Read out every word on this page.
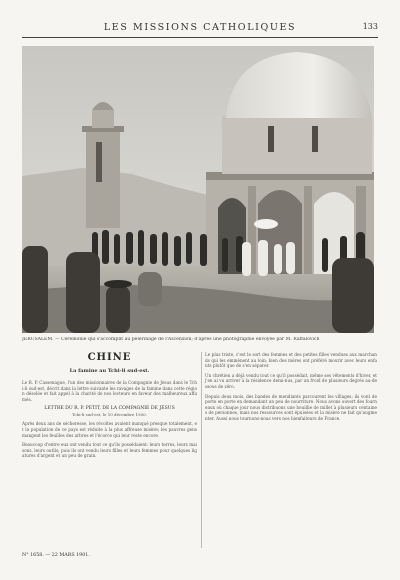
LES MISSIONS CATHOLIQUES	133
JÉRUSALEM. — Cérémonie qui s'accomplit au pèlerinage de l'Ascension; d'après une photographie envoyée par M. Raffalovich
CHINE
La famine au Tchi-li sud-est.

Le R. P. Cassenague, l'un des missionnaires de la Compagnie de Jésus dans le Tchi-li sud-est, décrit dans la lettre suivante les ravages de la famine dans cette région désolée et fait appel à la charité de nos lecteurs en faveur des malheureux affamés.

LETTRE DU R. P. PETIT, DE LA COMPAGNIE DE JÉSUS
Tchi-li sud-est, le 10 décembre 1900.

Après deux ans de sécheresse, les récoltes avaient manqué presque totalement, et la population de ce pays est réduite à la plus affreuse misère; les pauvres gens mangent les feuilles des arbres et l'écorce qui leur reste encore.

Beaucoup d'entre eux ont vendu tout ce qu'ils possédaient: leurs terres, leurs maisons, leurs outils; puis ils ont vendu leurs filles et leurs femmes pour quelques ligatures d'argent et un peu de grain.

Le plus triste, c'est le sort des femmes et des petites filles vendues aux marchands qui les emmènent au loin; bien des mères ont préféré mourir avec leurs enfants plutôt que de s'en séparer.

Un chrétien a déjà vendu tout ce qu'il possédait, même ses vêtements d'hiver, et j'en ai vu arriver à la résidence demi-nus, par un froid de plusieurs degrés au-dessous de zéro.

Depuis deux mois, des bandes de mendiants parcourent les villages; ils vont de porte en porte en demandant un peu de nourriture. Nous avons ouvert des fourneaux où chaque jour nous distribuons une bouillie de millet à plusieurs centaines de personnes, mais nos ressources sont épuisées et la misère ne fait qu'augmenter. Aussi nous tournons-nous vers nos bienfaiteurs de France.

N° 1658. — 22 MARS 1901.
